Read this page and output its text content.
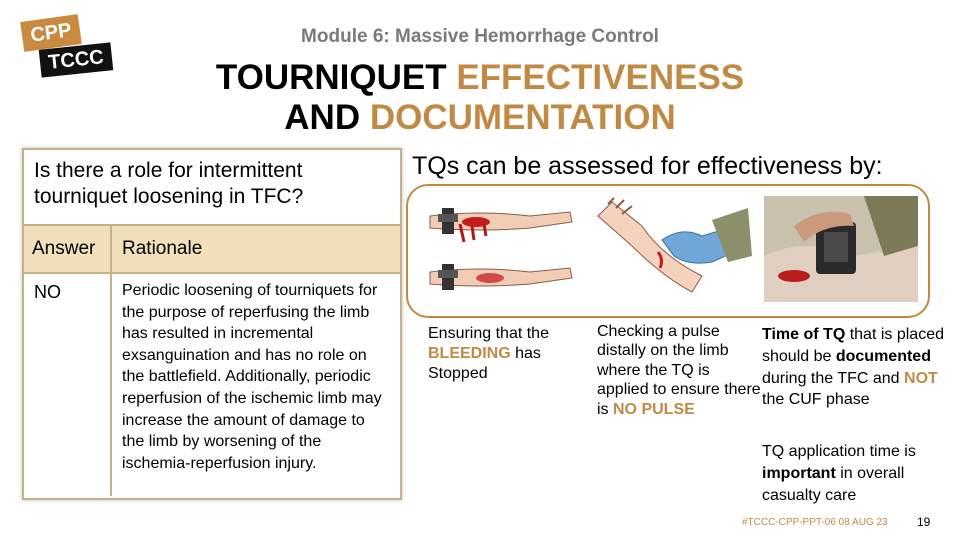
CPP
TCCC
Module 6: Massive Hemorrhage Control
TOURNIQUET EFFECTIVENESS
AND DOCUMENTATION
Is there a role for intermittent tourniquet loosening in TFC?
Answer	Rationale
NO	Periodic loosening of tourniquets for the purpose of reperfusing the limb has resulted in incremental exsanguination and has no role on the battlefield. Additionally, periodic reperfusion of the ischemic limb may increase the amount of damage to the limb by worsening of the ischemia-reperfusion injury.
TQs can be assessed for effectiveness by:
Ensuring that the BLEEDING has Stopped
Checking a pulse distally on the limb where the TQ is applied to ensure there is NO PULSE
Time of TQ that is placed should be documented during the TFC and NOT the CUF phase
TQ application time is important in overall casualty care
#TCCC-CPP-PPT-06 08 AUG 23 19
